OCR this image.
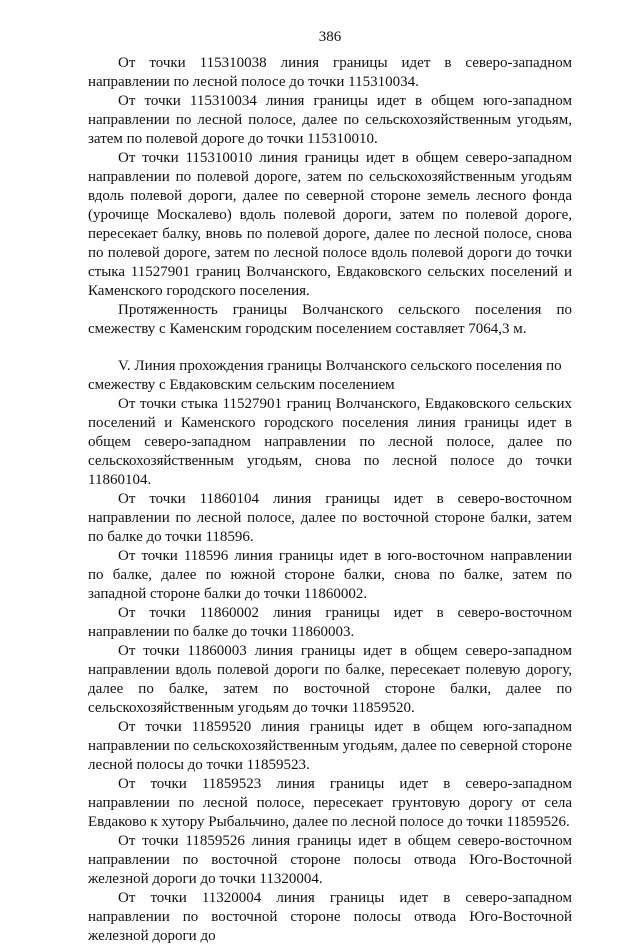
386

От точки 115310038 линия границы идет в северо-западном направлении по лесной полосе до точки 115310034.

От точки 115310034 линия границы идет в общем юго-западном направлении по лесной полосе, далее по сельскохозяйственным угодьям, затем по полевой дороге до точки 115310010.

От точки 115310010 линия границы идет в общем северо-западном направлении по полевой дороге, затем по сельскохозяйственным угодьям вдоль полевой дороги, далее по северной стороне земель лесного фонда (урочище Москалево) вдоль полевой дороги, затем по полевой дороге, пересекает балку, вновь по полевой дороге, далее по лесной полосе, снова по полевой дороге, затем по лесной полосе вдоль полевой дороги до точки стыка 11527901 границ Волчанского, Евдаковского сельских поселений и Каменского городского поселения.

Протяженность границы Волчанского сельского поселения по смежеству с Каменским городским поселением составляет 7064,3 м.

V. Линия прохождения границы Волчанского сельского поселения по смежеству с Евдаковским сельским поселением

От точки стыка 11527901 границ Волчанского, Евдаковского сельских поселений и Каменского городского поселения линия границы идет в общем северо-западном направлении по лесной полосе, далее по сельскохозяйственным угодьям, снова по лесной полосе до точки 11860104.

От точки 11860104 линия границы идет в северо-восточном направлении по лесной полосе, далее по восточной стороне балки, затем по балке до точки 118596.

От точки 118596 линия границы идет в юго-восточном направлении по балке, далее по южной стороне балки, снова по балке, затем по западной стороне балки до точки 11860002.

От точки 11860002 линия границы идет в северо-восточном направлении по балке до точки 11860003.

От точки 11860003 линия границы идет в общем северо-западном направлении вдоль полевой дороги по балке, пересекает полевую дорогу, далее по балке, затем по восточной стороне балки, далее по сельскохозяйственным угодьям до точки 11859520.

От точки 11859520 линия границы идет в общем юго-западном направлении по сельскохозяйственным угодьям, далее по северной стороне лесной полосы до точки 11859523.

От точки 11859523 линия границы идет в северо-западном направлении по лесной полосе, пересекает грунтовую дорогу от села Евдаково к хутору Рыбальчино, далее по лесной полосе до точки 11859526.

От точки 11859526 линия границы идет в общем северо-восточном направлении по восточной стороне полосы отвода Юго-Восточной железной дороги до точки 11320004.

От точки 11320004 линия границы идет в северо-западном направлении по восточной стороне полосы отвода Юго-Восточной железной дороги до
